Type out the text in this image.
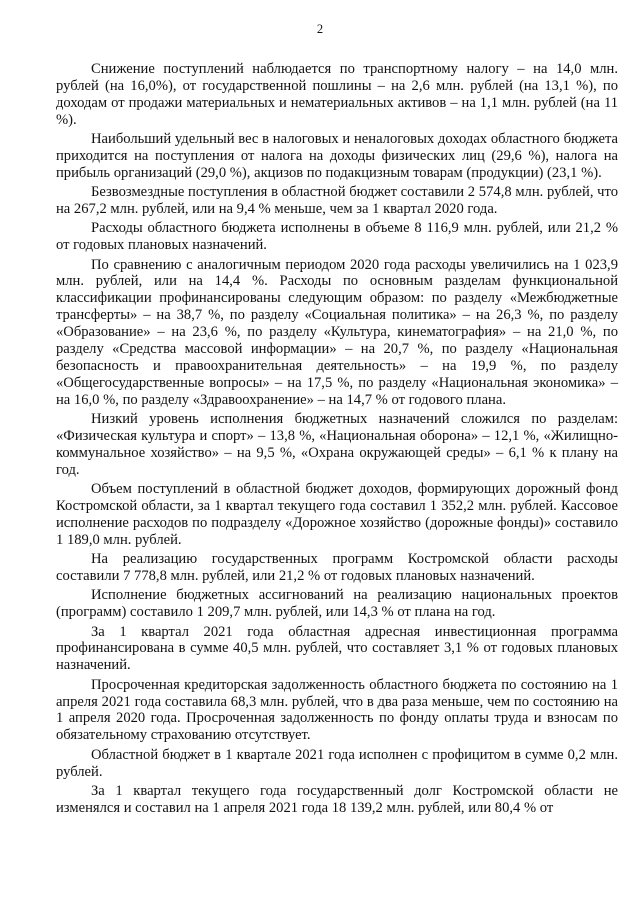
2

Снижение поступлений наблюдается по транспортному налогу – на 14,0 млн. рублей (на 16,0%), от государственной пошлины – на 2,6 млн. рублей (на 13,1 %), по доходам от продажи материальных и нематериальных активов – на 1,1 млн. рублей (на 11 %).

Наибольший удельный вес в налоговых и неналоговых доходах областного бюджета приходится на поступления от налога на доходы физических лиц (29,6 %), налога на прибыль организаций (29,0 %), акцизов по подакцизным товарам (продукции) (23,1 %).

Безвозмездные поступления в областной бюджет составили 2 574,8 млн. рублей, что на 267,2 млн. рублей, или на 9,4 % меньше, чем за 1 квартал 2020 года.

Расходы областного бюджета исполнены в объеме 8 116,9 млн. рублей, или 21,2 % от годовых плановых назначений.

По сравнению с аналогичным периодом 2020 года расходы увеличились на 1 023,9 млн. рублей, или на 14,4 %. Расходы по основным разделам функциональной классификации профинансированы следующим образом: по разделу «Межбюджетные трансферты» – на 38,7 %, по разделу «Социальная политика» – на 26,3 %, по разделу «Образование» – на 23,6 %, по разделу «Культура, кинематография» – на 21,0 %, по разделу «Средства массовой информации» – на 20,7 %, по разделу «Национальная безопасность и правоохранительная деятельность» – на 19,9 %, по разделу «Общегосударственные вопросы» – на 17,5 %, по разделу «Национальная экономика» – на 16,0 %, по разделу «Здравоохранение» – на 14,7 % от годового плана.

Низкий уровень исполнения бюджетных назначений сложился по разделам: «Физическая культура и спорт» – 13,8 %, «Национальная оборона» – 12,1 %, «Жилищно-коммунальное хозяйство» – на 9,5 %, «Охрана окружающей среды» – 6,1 % к плану на год.

Объем поступлений в областной бюджет доходов, формирующих дорожный фонд Костромской области, за 1 квартал текущего года составил 1 352,2 млн. рублей. Кассовое исполнение расходов по подразделу «Дорожное хозяйство (дорожные фонды)» составило 1 189,0 млн. рублей.

На реализацию государственных программ Костромской области расходы составили 7 778,8 млн. рублей, или 21,2 % от годовых плановых назначений.

Исполнение бюджетных ассигнований на реализацию национальных проектов (программ) составило 1 209,7 млн. рублей, или 14,3 % от плана на год.

За 1 квартал 2021 года областная адресная инвестиционная программа профинансирована в сумме 40,5 млн. рублей, что составляет 3,1 % от годовых плановых назначений.

Просроченная кредиторская задолженность областного бюджета по состоянию на 1 апреля 2021 года составила 68,3 млн. рублей, что в два раза меньше, чем по состоянию на 1 апреля 2020 года. Просроченная задолженность по фонду оплаты труда и взносам по обязательному страхованию отсутствует.

Областной бюджет в 1 квартале 2021 года исполнен с профицитом в сумме 0,2 млн. рублей.

За 1 квартал текущего года государственный долг Костромской области не изменялся и составил на 1 апреля 2021 года 18 139,2 млн. рублей, или 80,4 % от
